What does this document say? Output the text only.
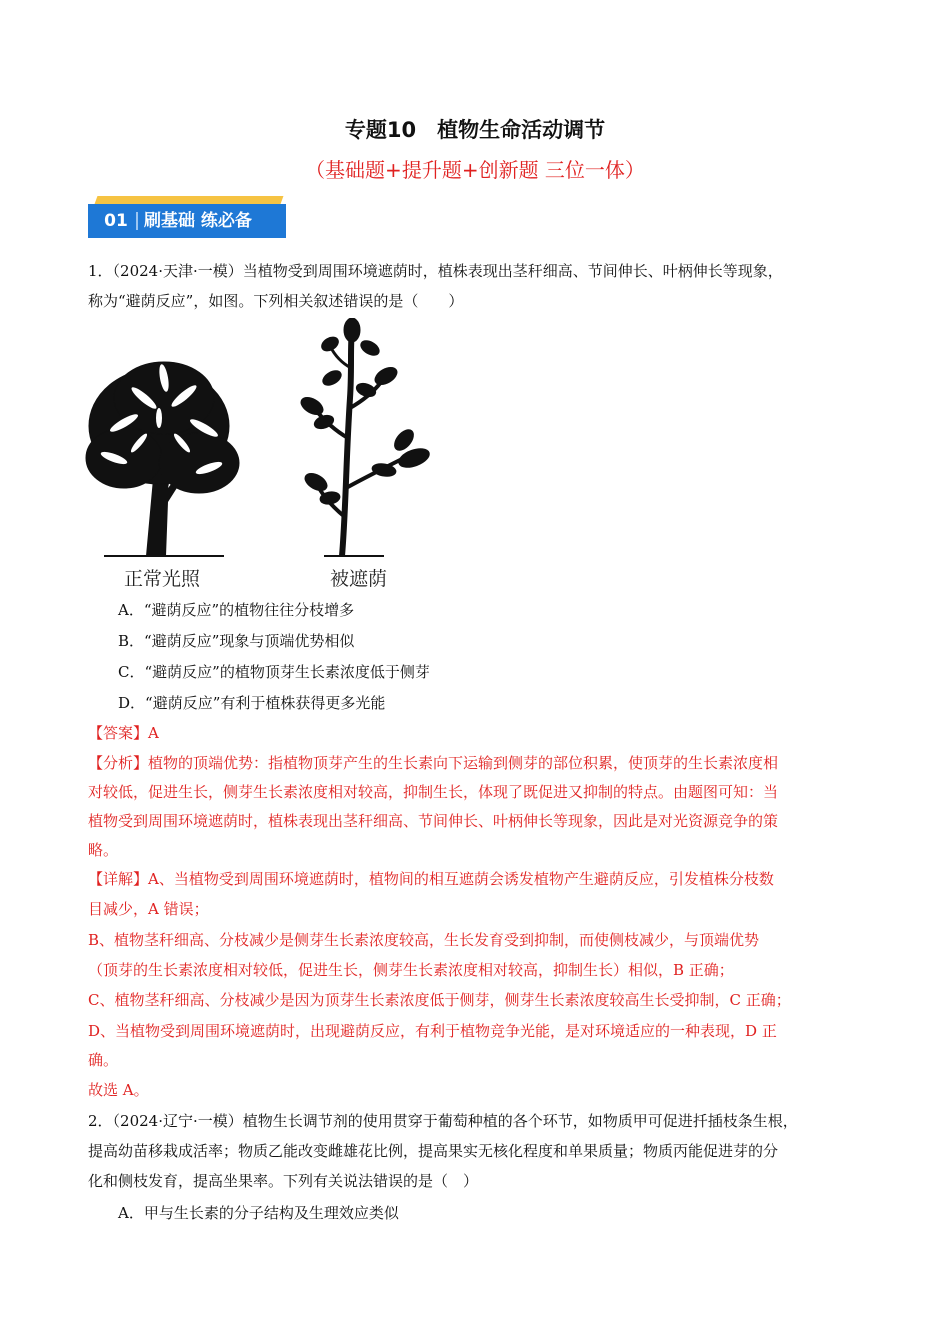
专题10　植物生命活动调节
（基础题+提升题+创新题 三位一体）
01 刷基础 练必备

1．（2024·天津·一模）当植物受到周围环境遮荫时，植株表现出茎秆细高、节间伸长、叶柄伸长等现象，

称为“避荫反应”，如图。下列相关叙述错误的是（　　）

正常光照	被遮荫

A．“避荫反应”的植物往往分枝增多

B．“避荫反应”现象与顶端优势相似

C．“避荫反应”的植物顶芽生长素浓度低于侧芽

D．“避荫反应”有利于植株获得更多光能

【答案】A

【分析】植物的顶端优势：指植物顶芽产生的生长素向下运输到侧芽的部位积累，使顶芽的生长素浓度相

对较低，促进生长，侧芽生长素浓度相对较高，抑制生长，体现了既促进又抑制的特点。由题图可知：当

植物受到周围环境遮荫时，植株表现出茎秆细高、节间伸长、叶柄伸长等现象，因此是对光资源竞争的策

略。

【详解】A、当植物受到周围环境遮荫时，植物间的相互遮荫会诱发植物产生避荫反应，引发植株分枝数

目减少，A 错误；

B、植物茎秆细高、分枝减少是侧芽生长素浓度较高，生长发育受到抑制，而使侧枝减少，与顶端优势

（顶芽的生长素浓度相对较低，促进生长，侧芽生长素浓度相对较高，抑制生长）相似，B 正确；

C、植物茎秆细高、分枝减少是因为顶芽生长素浓度低于侧芽，侧芽生长素浓度较高生长受抑制，C 正确；

D、当植物受到周围环境遮荫时，出现避荫反应，有利于植物竞争光能，是对环境适应的一种表现，D 正

确。

故选 A。

2．（2024·辽宁·一模）植物生长调节剂的使用贯穿于葡萄种植的各个环节，如物质甲可促进扦插枝条生根，

提高幼苗移栽成活率；物质乙能改变雌雄花比例，提高果实无核化程度和单果质量；物质丙能促进芽的分

化和侧枝发育，提高坐果率。下列有关说法错误的是（　）

A．甲与生长素的分子结构及生理效应类似
